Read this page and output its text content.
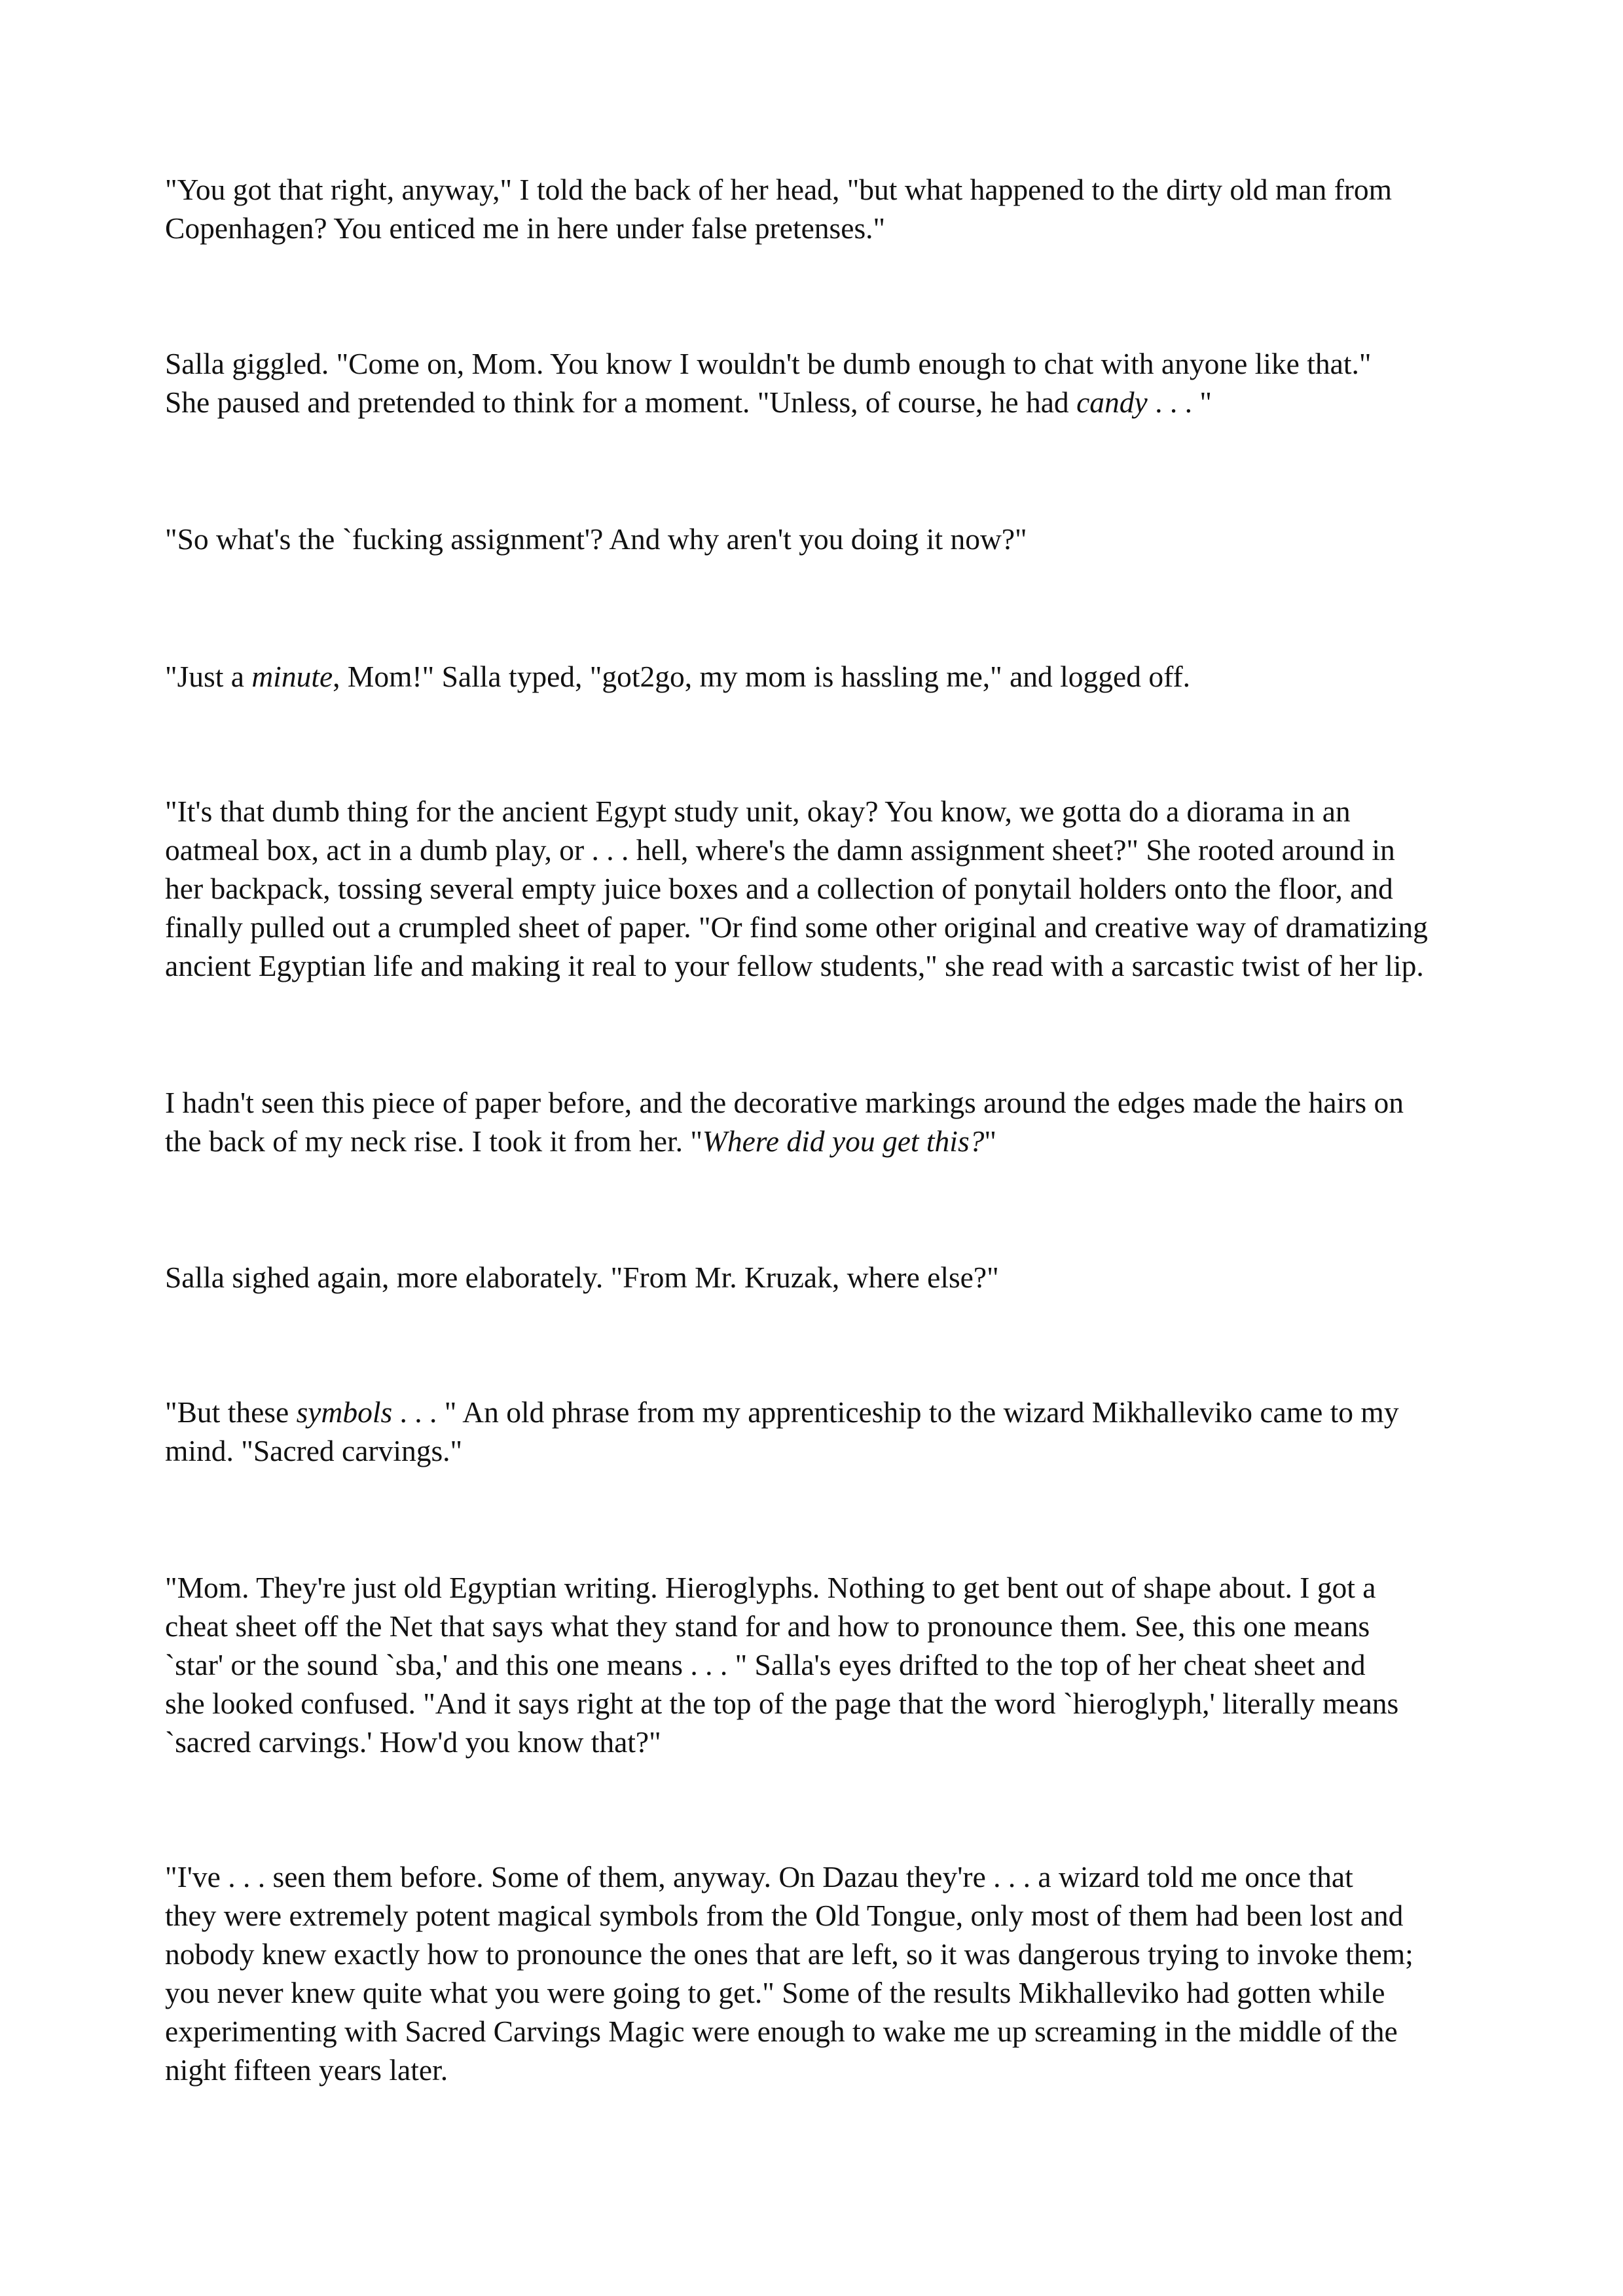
"You got that right, anyway," I told the back of her head, "but what happened to the dirty old man from
Copenhagen? You enticed me in here under false pretenses."
Salla giggled. "Come on, Mom. You know I wouldn't be dumb enough to chat with anyone like that."
She paused and pretended to think for a moment. "Unless, of course, he had candy . . . "
"So what's the `fucking assignment'? And why aren't you doing it now?"
"Just a minute, Mom!" Salla typed, "got2go, my mom is hassling me," and logged off.
"It's that dumb thing for the ancient Egypt study unit, okay? You know, we gotta do a diorama in an
oatmeal box, act in a dumb play, or . . . hell, where's the damn assignment sheet?" She rooted around in
her backpack, tossing several empty juice boxes and a collection of ponytail holders onto the floor, and
finally pulled out a crumpled sheet of paper. "Or find some other original and creative way of dramatizing
ancient Egyptian life and making it real to your fellow students," she read with a sarcastic twist of her lip.
I hadn't seen this piece of paper before, and the decorative markings around the edges made the hairs on
the back of my neck rise. I took it from her. "Where did you get this?"
Salla sighed again, more elaborately. "From Mr. Kruzak, where else?"
"But these symbols . . . " An old phrase from my apprenticeship to the wizard Mikhalleviko came to my
mind. "Sacred carvings."
"Mom. They're just old Egyptian writing. Hieroglyphs. Nothing to get bent out of shape about. I got a
cheat sheet off the Net that says what they stand for and how to pronounce them. See, this one means
`star' or the sound `sba,' and this one means . . . " Salla's eyes drifted to the top of her cheat sheet and
she looked confused. "And it says right at the top of the page that the word `hieroglyph,' literally means
`sacred carvings.' How'd you know that?"
"I've . . . seen them before. Some of them, anyway. On Dazau they're . . . a wizard told me once that
they were extremely potent magical symbols from the Old Tongue, only most of them had been lost and
nobody knew exactly how to pronounce the ones that are left, so it was dangerous trying to invoke them;
you never knew quite what you were going to get." Some of the results Mikhalleviko had gotten while
experimenting with Sacred Carvings Magic were enough to wake me up screaming in the middle of the
night fifteen years later.
